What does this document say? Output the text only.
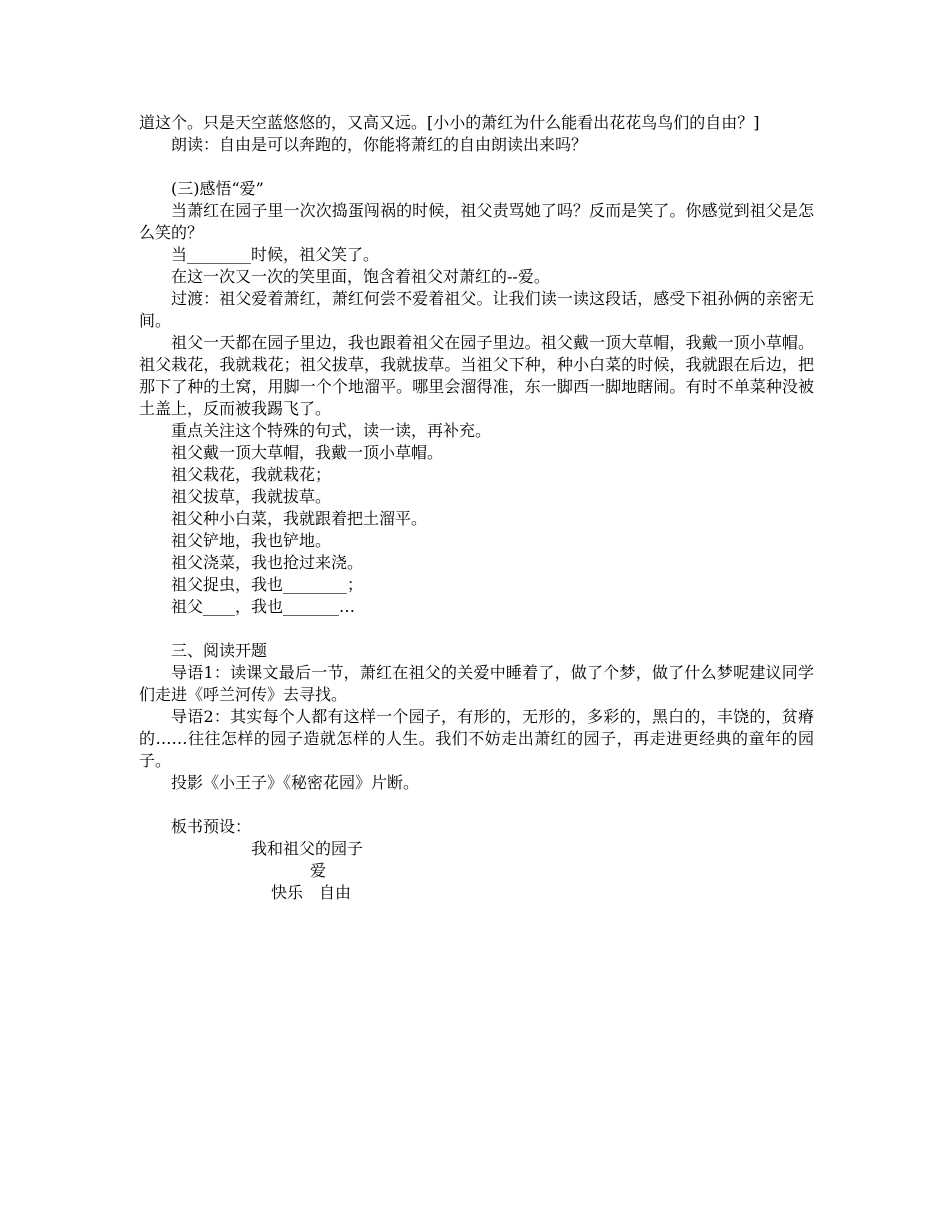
道这个。只是天空蓝悠悠的，又高又远。[小小的萧红为什么能看出花花鸟鸟们的自由？]

朗读：自由是可以奔跑的，你能将萧红的自由朗读出来吗？

(三)感悟“爱”

当萧红在园子里一次次捣蛋闯祸的时候，祖父责骂她了吗？反而是笑了。你感觉到祖父是怎么笑的？

当________时候，祖父笑了。

在这一次又一次的笑里面，饱含着祖父对萧红的--爱。

过渡：祖父爱着萧红，萧红何尝不爱着祖父。让我们读一读这段话，感受下祖孙俩的亲密无间。

祖父一天都在园子里边，我也跟着祖父在园子里边。祖父戴一顶大草帽，我戴一顶小草帽。祖父栽花，我就栽花；祖父拔草，我就拔草。当祖父下种，种小白菜的时候，我就跟在后边，把那下了种的土窝，用脚一个个地溜平。哪里会溜得准，东一脚西一脚地瞎闹。有时不单菜种没被土盖上，反而被我踢飞了。

重点关注这个特殊的句式，读一读，再补充。

祖父戴一顶大草帽，我戴一顶小草帽。

祖父栽花，我就栽花；

祖父拔草，我就拔草。

祖父种小白菜，我就跟着把土溜平。

祖父铲地，我也铲地。

祖父浇菜，我也抢过来浇。

祖父捉虫，我也________；

祖父____，我也_______…

三、阅读开题

导语1：读课文最后一节，萧红在祖父的关爱中睡着了，做了个梦，做了什么梦呢建议同学们走进《呼兰河传》去寻找。

导语2：其实每个人都有这样一个园子，有形的，无形的，多彩的，黑白的，丰饶的，贫瘠的……往往怎样的园子造就怎样的人生。我们不妨走出萧红的园子，再走进更经典的童年的园子。

投影《小王子》《秘密花园》片断。

板书预设：

我和祖父的园子

爱

快乐　自由
